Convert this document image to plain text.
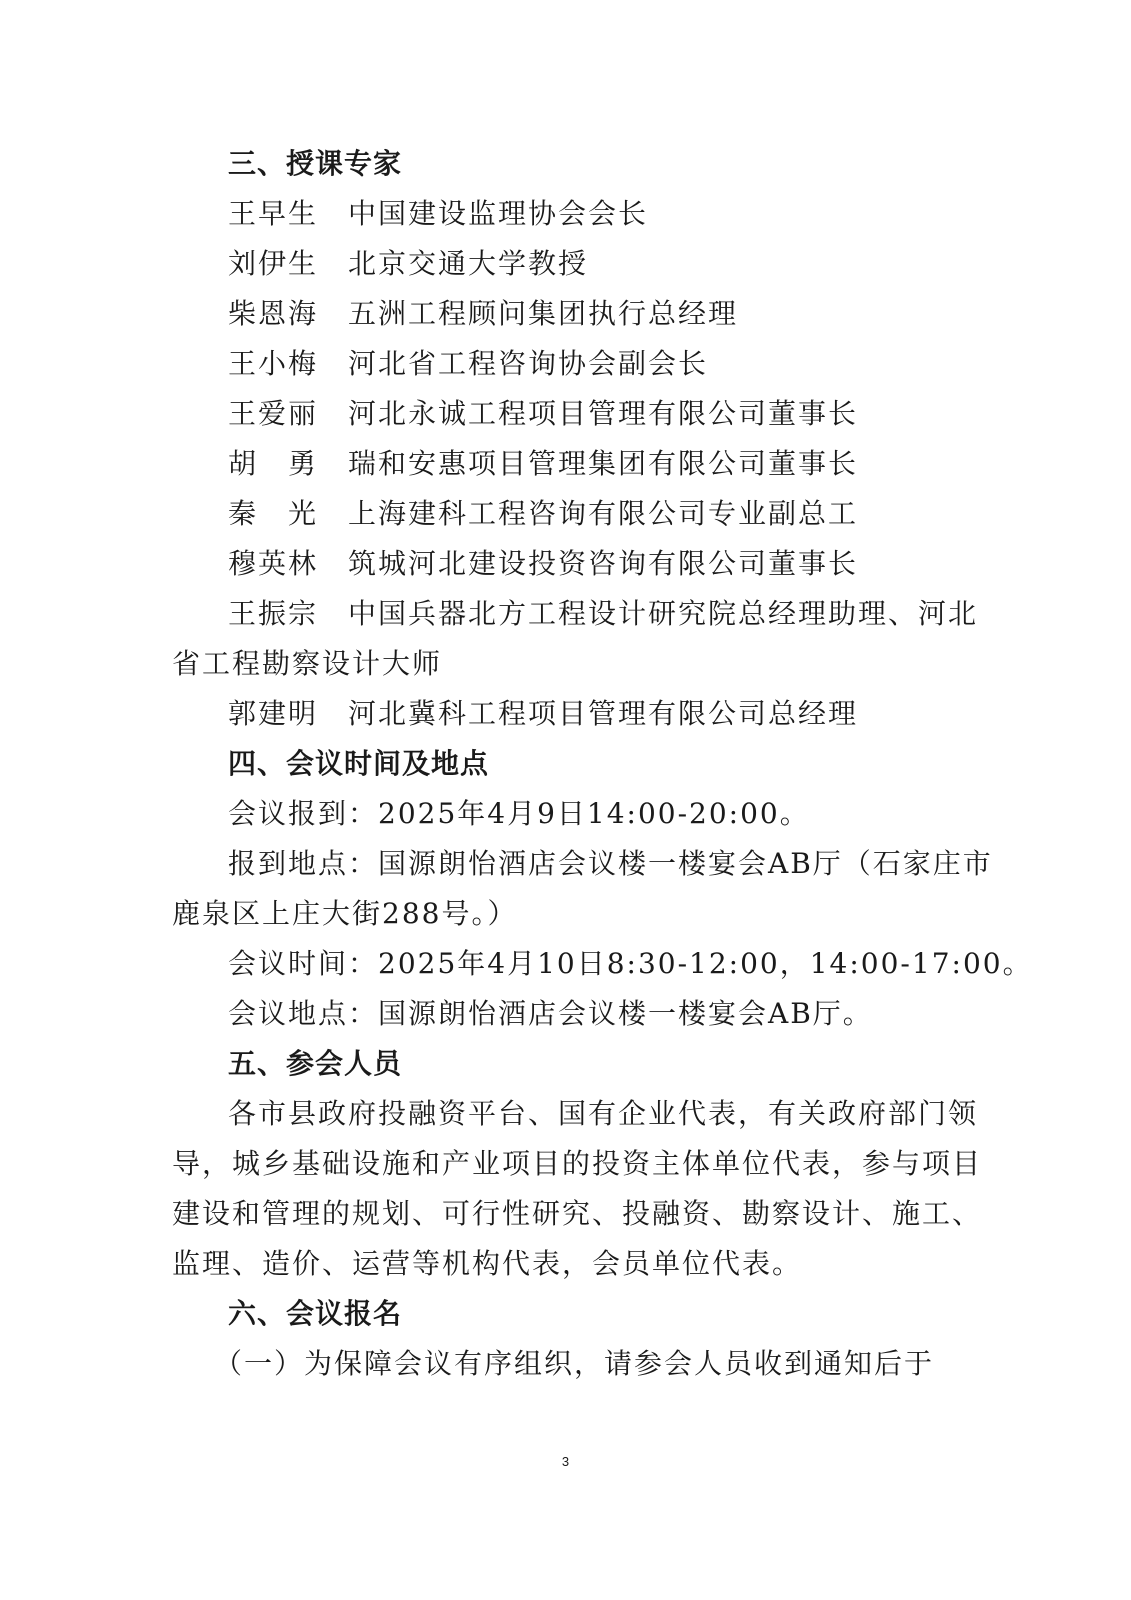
三、授课专家
王早生 中国建设监理协会会长
刘伊生 北京交通大学教授
柴恩海 五洲工程顾问集团执行总经理
王小梅 河北省工程咨询协会副会长
王爱丽 河北永诚工程项目管理有限公司董事长
胡　勇 瑞和安惠项目管理集团有限公司董事长
秦　光 上海建科工程咨询有限公司专业副总工
穆英林 筑城河北建设投资咨询有限公司董事长
王振宗 中国兵器北方工程设计研究院总经理助理、河北
省工程勘察设计大师
郭建明 河北冀科工程项目管理有限公司总经理
四、会议时间及地点
会议报到：2025年4月9日14:00-20:00。
报到地点：国源朗怡酒店会议楼一楼宴会AB厅（石家庄市
鹿泉区上庄大街288号。）
会议时间：2025年4月10日8:30-12:00，14:00-17:00。
会议地点：国源朗怡酒店会议楼一楼宴会AB厅。
五、参会人员
各市县政府投融资平台、国有企业代表，有关政府部门领
导，城乡基础设施和产业项目的投资主体单位代表，参与项目
建设和管理的规划、可行性研究、投融资、勘察设计、施工、
监理、造价、运营等机构代表，会员单位代表。
六、会议报名
（一）为保障会议有序组织，请参会人员收到通知后于
3
